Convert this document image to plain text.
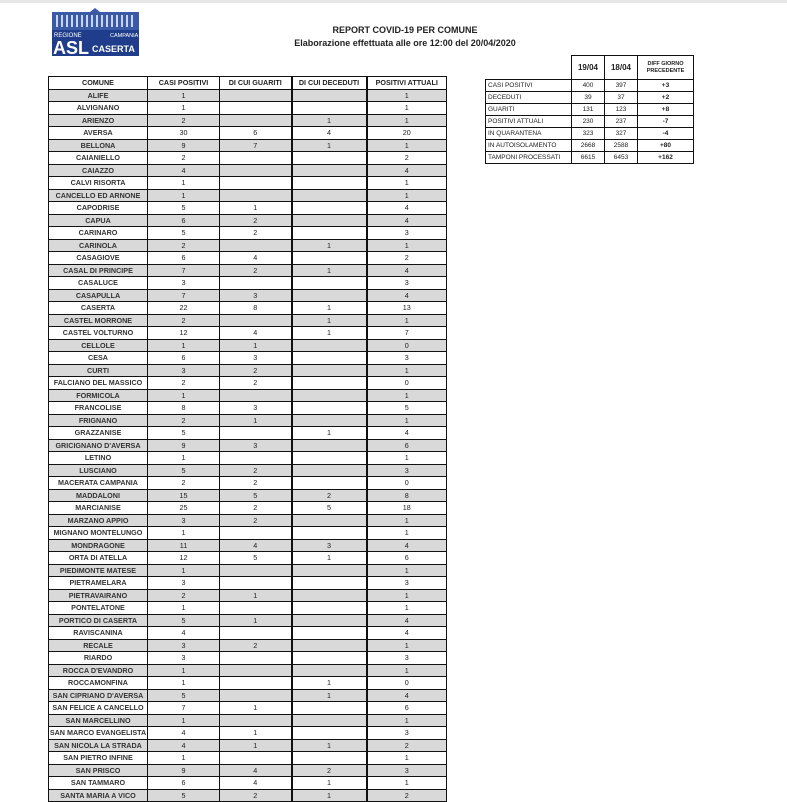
REGIONE	CAMPANIA
ASL CASERTA
REPORT COVID-19 PER COMUNE
Elaborazione effettuata alle ore 12:00 del 20/04/2020
COMUNE	CASI POSITIVI	DI CUI GUARITI	DI CUI DECEDUTI	POSITIVI ATTUALI
ALIFE	1			1
ALVIGNANO	1			1
ARIENZO	2		1	1
AVERSA	30	6	4	20
BELLONA	9	7	1	1
CAIANIELLO	2			2
CAIAZZO	4			4
CALVI RISORTA	1			1
CANCELLO ED ARNONE	1			1
CAPODRISE	5	1		4
CAPUA	6	2		4
CARINARO	5	2		3
CARINOLA	2		1	1
CASAGIOVE	6	4		2
CASAL DI PRINCIPE	7	2	1	4
CASALUCE	3			3
CASAPULLA	7	3		4
CASERTA	22	8	1	13
CASTEL MORRONE	2		1	1
CASTEL VOLTURNO	12	4	1	7
CELLOLE	1	1		0
CESA	6	3		3
CURTI	3	2		1
FALCIANO DEL MASSICO	2	2		0
FORMICOLA	1			1
FRANCOLISE	8	3		5
FRIGNANO	2	1		1
GRAZZANISE	5		1	4
GRICIGNANO D'AVERSA	9	3		6
LETINO	1			1
LUSCIANO	5	2		3
MACERATA CAMPANIA	2	2		0
MADDALONI	15	5	2	8
MARCIANISE	25	2	5	18
MARZANO APPIO	3	2		1
MIGNANO MONTELUNGO	1			1
MONDRAGONE	11	4	3	4
ORTA DI ATELLA	12	5	1	6
PIEDIMONTE MATESE	1			1
PIETRAMELARA	3			3
PIETRAVAIRANO	2	1		1
PONTELATONE	1			1
PORTICO DI CASERTA	5	1		4
RAVISCANINA	4			4
RECALE	3	2		1
RIARDO	3			3
ROCCA D'EVANDRO	1			1
ROCCAMONFINA	1		1	0
SAN CIPRIANO D'AVERSA	5		1	4
SAN FELICE A CANCELLO	7	1		6
SAN MARCELLINO	1			1
SAN MARCO EVANGELISTA	4	1		3
SAN NICOLA LA STRADA	4	1	1	2
SAN PIETRO INFINE	1			1
SAN PRISCO	9	4	2	3
SAN TAMMARO	6	4	1	1
SANTA MARIA A VICO	5	2	1	2
	19/04	18/04	DIFF GIORNO PRECEDENTE
CASI POSITIVI	400	397	+3
DECEDUTI	39	37	+2
GUARITI	131	123	+8
POSITIVI ATTUALI	230	237	-7
IN QUARANTENA	323	327	-4
IN AUTOISOLAMENTO	2668	2588	+80
TAMPONI PROCESSATI	6615	6453	+162
